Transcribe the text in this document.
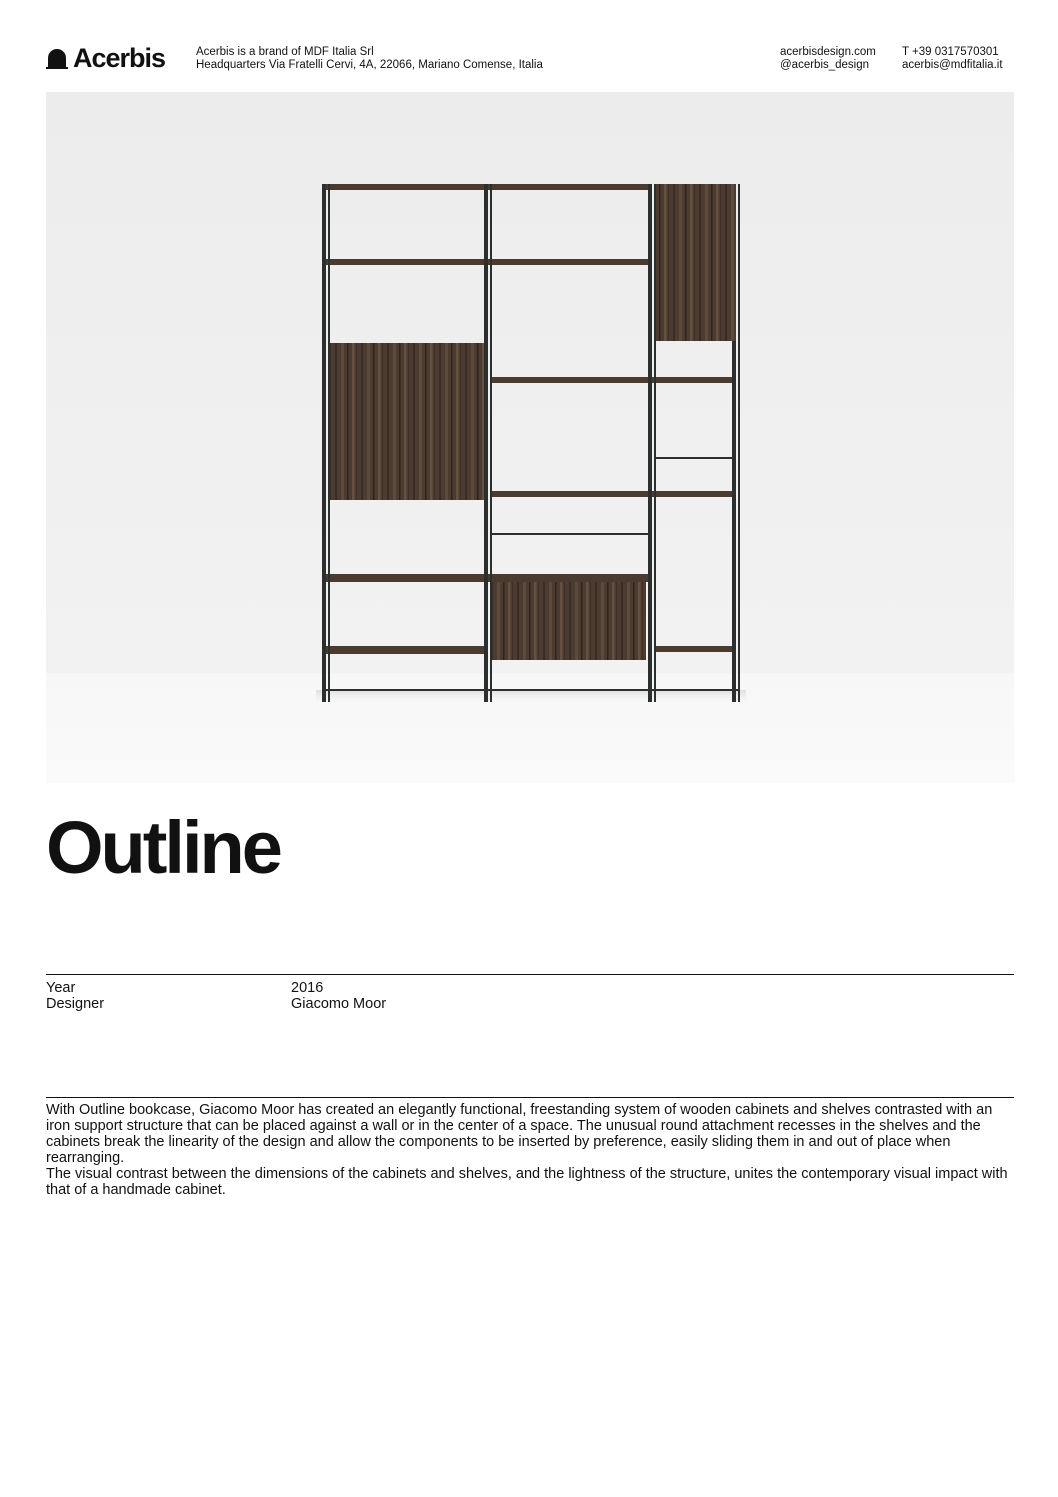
Acerbis	Acerbis is a brand of MDF Italia Srl
Headquarters Via Fratelli Cervi, 4A, 22066, Mariano Comense, Italia
acerbisdesign.com
@acerbis_design
T +39 0317570301
acerbis@mdfitalia.it
Outline
Year	2016
Designer	Giacomo Moor

With Outline bookcase, Giacomo Moor has created an elegantly functional, freestanding system of wooden cabinets and shelves contrasted with an iron support structure that can be placed against a wall or in the center of a space. The unusual round attachment recesses in the shelves and the cabinets break the linearity of the design and allow the components to be inserted by preference, easily sliding them in and out of place when rearranging.

The visual contrast between the dimensions of the cabinets and shelves, and the lightness of the structure, unites the contemporary visual impact with that of a handmade cabinet.
